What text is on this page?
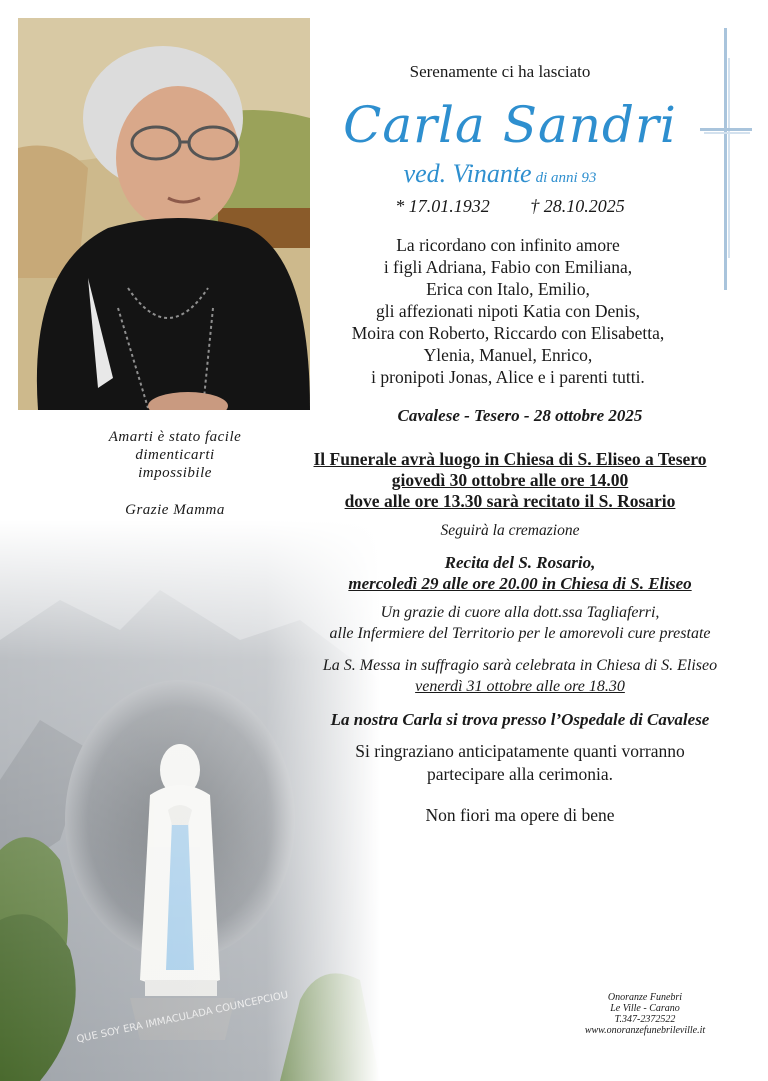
Serenamente ci ha lasciato
Carla Sandri
ved. Vinante di anni 93
* 17.01.1932 † 28.10.2025
La ricordano con infinito amore
i figli Adriana, Fabio con Emiliana,
Erica con Italo, Emilio,
gli affezionati nipoti Katia con Denis,
Moira con Roberto, Riccardo con Elisabetta,
Ylenia, Manuel, Enrico,
i pronipoti Jonas, Alice e i parenti tutti.
Cavalese - Tesero - 28 ottobre 2025
Amarti è stato facile
dimenticarti
impossibile
Grazie Mamma
Il Funerale avrà luogo in Chiesa di S. Eliseo a Tesero
giovedì 30 ottobre alle ore 14.00
dove alle ore 13.30 sarà recitato il S. Rosario
Seguirà la cremazione
Recita del S. Rosario,
mercoledì 29 alle ore 20.00 in Chiesa di S. Eliseo
Un grazie di cuore alla dott.ssa Tagliaferri,
alle Infermiere del Territorio per le amorevoli cure prestate
La S. Messa in suffragio sarà celebrata in Chiesa di S. Eliseo
venerdì 31 ottobre alle ore 18.30
La nostra Carla si trova presso l’Ospedale di Cavalese
Si ringraziano anticipatamente quanti vorranno
partecipare alla cerimonia.
Non fiori ma opere di bene
Onoranze Funebri
Le Ville - Carano
T.347-2372522
www.onoranzefunebrileville.it
